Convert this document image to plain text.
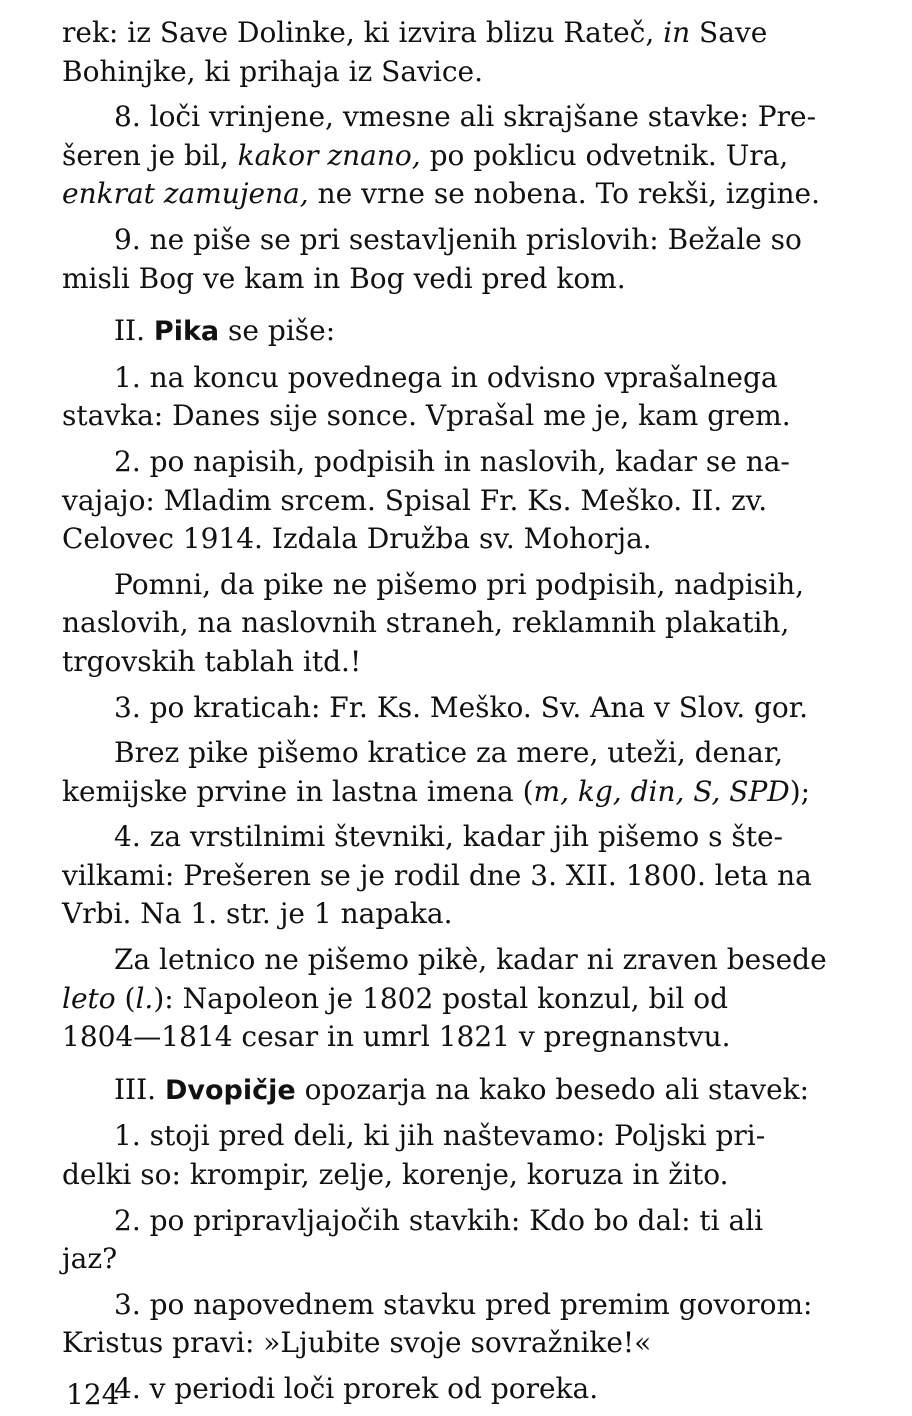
rek: iz Save Dolinke, ki izvira blizu Rateč, in Save
Bohinjke, ki prihaja iz Savice.

8. loči vrinjene, vmesne ali skrajšane stavke: Pre-
šeren je bil, kakor znano, po poklicu odvetnik. Ura,
enkrat zamujena, ne vrne se nobena. To rekši, izgine.

9. ne piše se pri sestavljenih prislovih: Bežale so
misli Bog ve kam in Bog vedi pred kom.

II. Pika se piše:

1. na koncu povednega in odvisno vprašalnega
stavka: Danes sije sonce. Vprašal me je, kam grem.

2. po napisih, podpisih in naslovih, kadar se na-
vajajo: Mladim srcem. Spisal Fr. Ks. Meško. II. zv.
Celovec 1914. Izdala Družba sv. Mohorja.

Pomni, da pike ne pišemo pri podpisih, nadpisih,
naslovih, na naslovnih straneh, reklamnih plakatih,
trgovskih tablah itd.!

3. po kraticah: Fr. Ks. Meško. Sv. Ana v Slov. gor.

Brez pike pišemo kratice za mere, uteži, denar,
kemijske prvine in lastna imena (m, kg, din, S, SPD);

4. za vrstilnimi števniki, kadar jih pišemo s šte-
vilkami: Prešeren se je rodil dne 3. XII. 1800. leta na
Vrbi. Na 1. str. je 1 napaka.

Za letnico ne pišemo pikè, kadar ni zraven besede
leto (l.): Napoleon je 1802 postal konzul, bil od
1804—1814 cesar in umrl 1821 v pregnanstvu.

III. Dvopičje opozarja na kako besedo ali stavek:

1. stoji pred deli, ki jih naštevamo: Poljski pri-
delki so: krompir, zelje, korenje, koruza in žito.

2. po pripravljajočih stavkih: Kdo bo dal: ti ali
jaz?

3. po napovednem stavku pred premim govorom:
Kristus pravi: »Ljubite svoje sovražnike!«

4. v periodi loči prorek od poreka.

124
